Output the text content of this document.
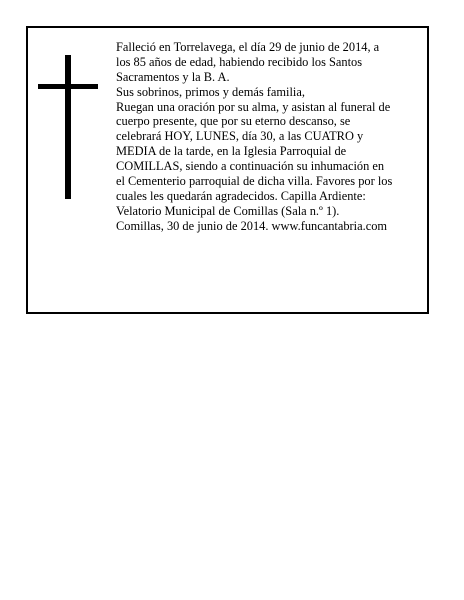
Falleció en Torrelavega, el día 29 de junio de 2014, a
los 85 años de edad, habiendo recibido los Santos
Sacramentos y la B. A.
Sus sobrinos, primos y demás familia,
Ruegan una oración por su alma, y asistan al funeral de
cuerpo presente, que por su eterno descanso, se
celebrará HOY, LUNES, día 30, a las CUATRO y
MEDIA de la tarde, en la Iglesia Parroquial de
COMILLAS, siendo a continuación su inhumación en
el Cementerio parroquial de dicha villa. Favores por los
cuales les quedarán agradecidos. Capilla Ardiente:
Velatorio Municipal de Comillas (Sala n.º 1).
Comillas, 30 de junio de 2014. www.funcantabria.com
